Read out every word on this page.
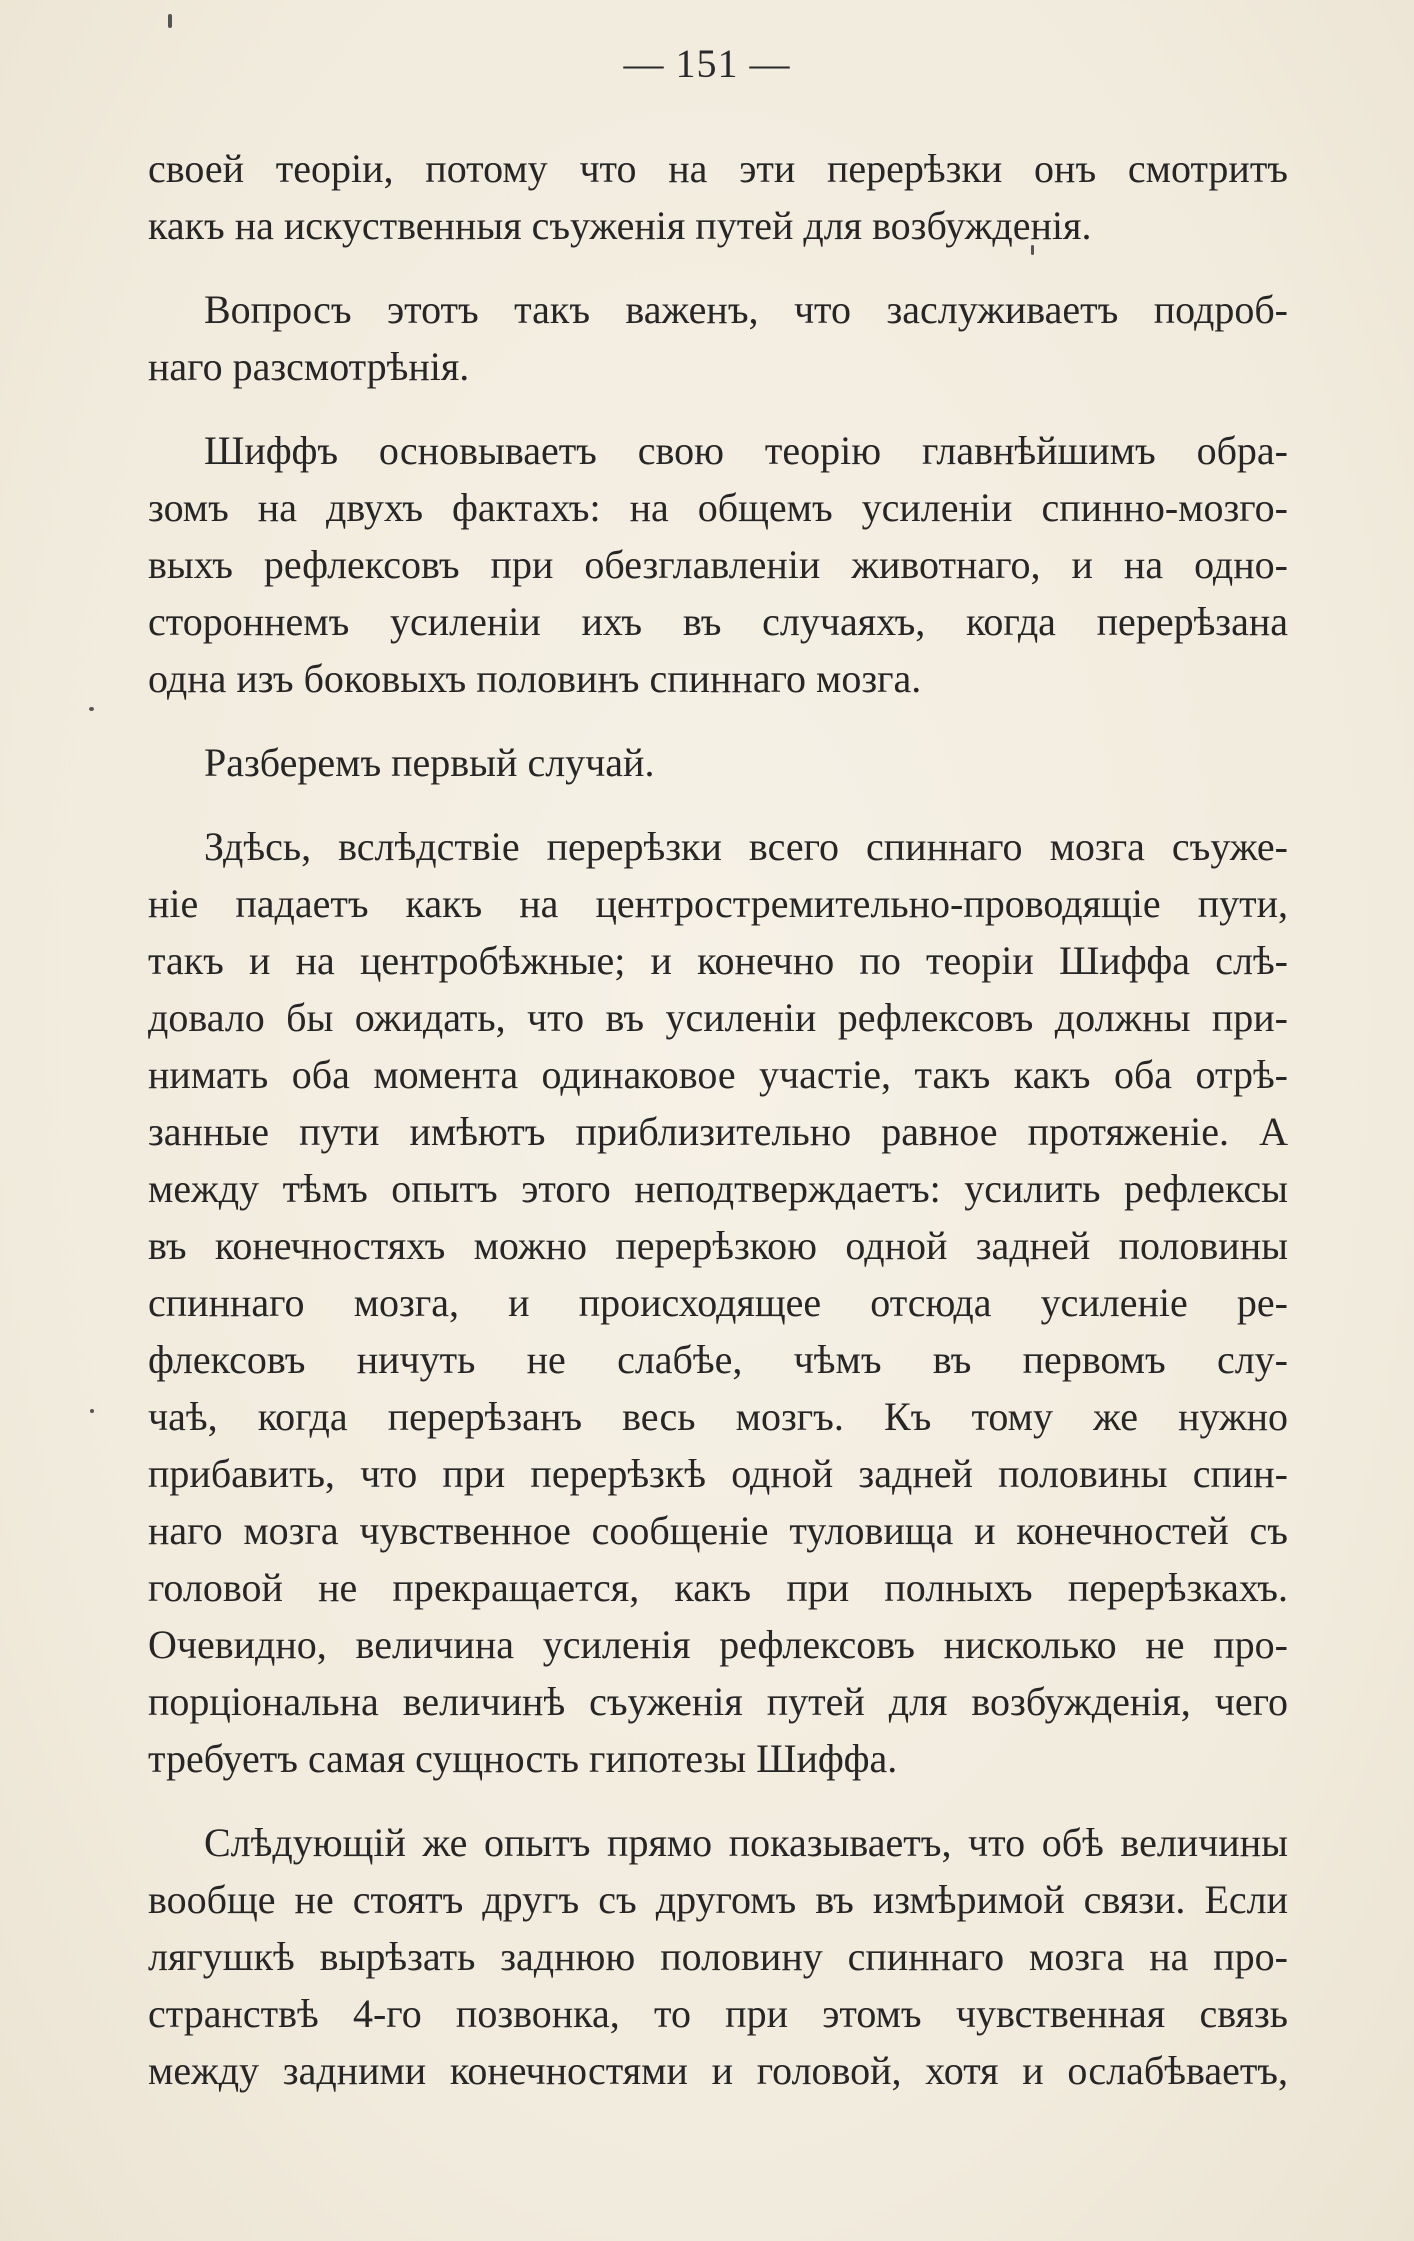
— 151 —
своей теорiи, потому что на эти перерѣзки онъ смотритъ
какъ на искуственныя съуженiя путей для возбужденiя.
Вопросъ этотъ такъ важенъ, что заслуживаетъ подроб-
наго разсмотрѣнiя.
Шиффъ основываетъ свою теорiю главнѣйшимъ обра-
зомъ на двухъ фактахъ: на общемъ усиленiи спинно-мозго-
выхъ рефлексовъ при обезглавленiи животнаго, и на одно-
стороннемъ усиленiи ихъ въ случаяхъ, когда перерѣзана
одна изъ боковыхъ половинъ спиннаго мозга.
Разберемъ первый случай.
Здѣсь, вслѣдствiе перерѣзки всего спиннаго мозга съуже-
нiе падаетъ какъ на центростремительно-проводящiе пути,
такъ и на центробѣжные; и конечно по теорiи Шиффа слѣ-
довало бы ожидать, что въ усиленiи рефлексовъ должны при-
нимать оба момента одинаковое участiе, такъ какъ оба отрѣ-
занные пути имѣютъ приблизительно равное протяженiе. А
между тѣмъ опытъ этого неподтверждаетъ: усилить рефлексы
въ конечностяхъ можно перерѣзкою одной задней половины
спиннаго мозга, и происходящее отсюда усиленiе ре-
флексовъ ничуть не слабѣе, чѣмъ въ первомъ слу-
чаѣ, когда перерѣзанъ весь мозгъ. Къ тому же нужно
прибавить, что при перерѣзкѣ одной задней половины спин-
наго мозга чувственное сообщенiе туловища и конечностей съ
головой не прекращается, какъ при полныхъ перерѣзкахъ.
Очевидно, величина усиленiя рефлексовъ нисколько не про-
порцiональна величинѣ съуженiя путей для возбужденiя, чего
требуетъ самая сущность гипотезы Шиффа.
Слѣдующiй же опытъ прямо показываетъ, что обѣ величины
вообще не стоятъ другъ съ другомъ въ измѣримой связи. Если
лягушкѣ вырѣзать заднюю половину спиннаго мозга на про-
странствѣ 4-го позвонка, то при этомъ чувственная связь
между задними конечностями и головой, хотя и ослабѣваетъ,
